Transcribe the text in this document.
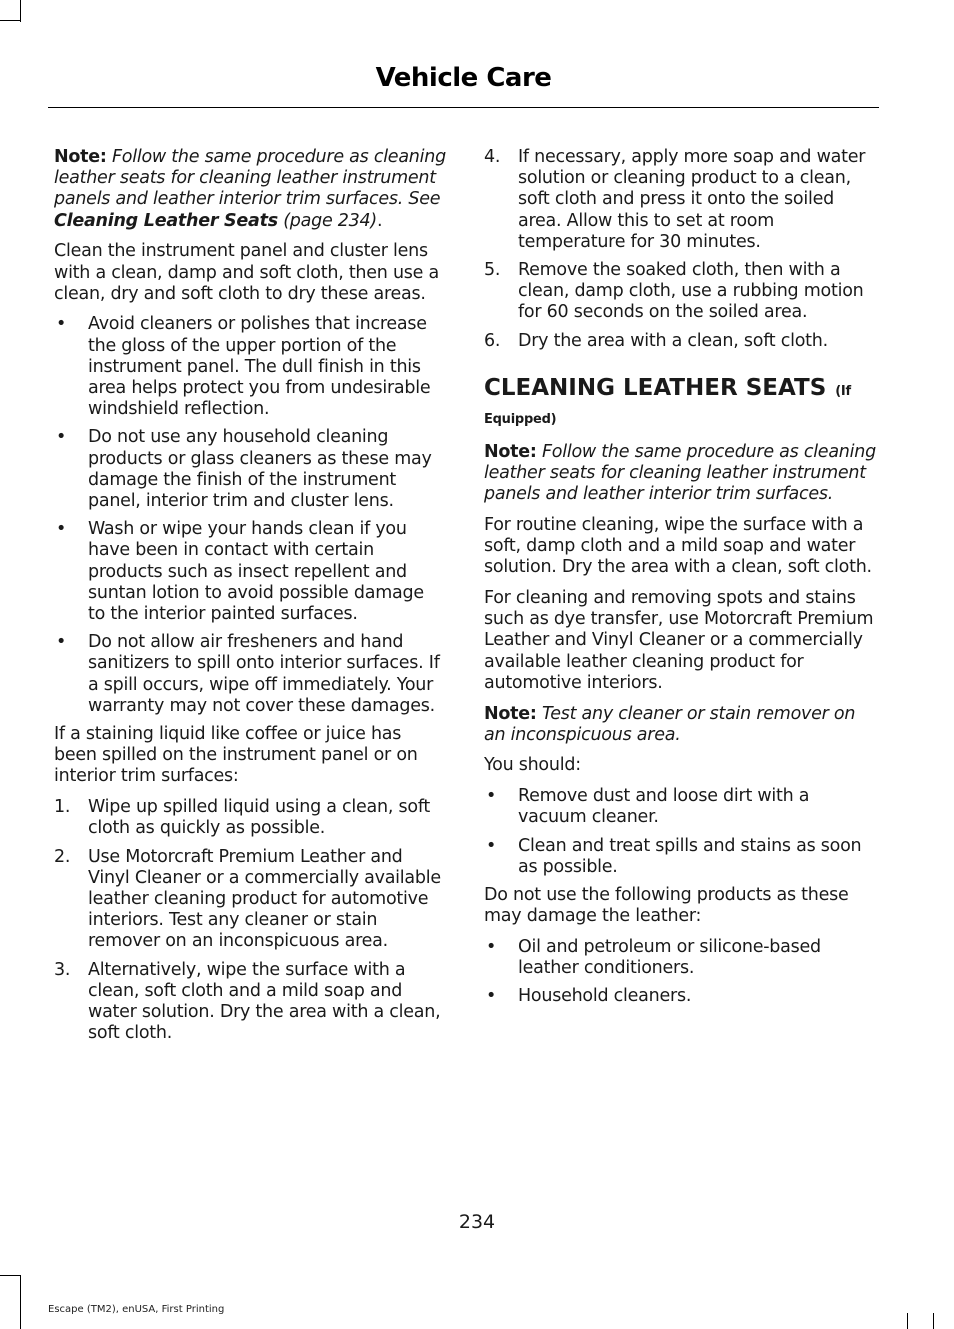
Vehicle Care

Note: Follow the same procedure as cleaning leather seats for cleaning leather instrument panels and leather interior trim surfaces. See Cleaning Leather Seats (page 234).

Clean the instrument panel and cluster lens with a clean, damp and soft cloth, then use a clean, dry and soft cloth to dry these areas.

• Avoid cleaners or polishes that increase the gloss of the upper portion of the instrument panel. The dull finish in this area helps protect you from undesirable windshield reflection.
• Do not use any household cleaning products or glass cleaners as these may damage the finish of the instrument panel, interior trim and cluster lens.
• Wash or wipe your hands clean if you have been in contact with certain products such as insect repellent and suntan lotion to avoid possible damage to the interior painted surfaces.
• Do not allow air fresheners and hand sanitizers to spill onto interior surfaces. If a spill occurs, wipe off immediately. Your warranty may not cover these damages.

If a staining liquid like coffee or juice has been spilled on the instrument panel or on interior trim surfaces:

1. Wipe up spilled liquid using a clean, soft cloth as quickly as possible.
2. Use Motorcraft Premium Leather and Vinyl Cleaner or a commercially available leather cleaning product for automotive interiors. Test any cleaner or stain remover on an inconspicuous area.
3. Alternatively, wipe the surface with a clean, soft cloth and a mild soap and water solution. Dry the area with a clean, soft cloth.
4. If necessary, apply more soap and water solution or cleaning product to a clean, soft cloth and press it onto the soiled area. Allow this to set at room temperature for 30 minutes.
5. Remove the soaked cloth, then with a clean, damp cloth, use a rubbing motion for 60 seconds on the soiled area.
6. Dry the area with a clean, soft cloth.
CLEANING LEATHER SEATS (If
Equipped)

Note: Follow the same procedure as cleaning leather seats for cleaning leather instrument panels and leather interior trim surfaces.

For routine cleaning, wipe the surface with a soft, damp cloth and a mild soap and water solution. Dry the area with a clean, soft cloth.

For cleaning and removing spots and stains such as dye transfer, use Motorcraft Premium Leather and Vinyl Cleaner or a commercially available leather cleaning product for automotive interiors.

Note: Test any cleaner or stain remover on an inconspicuous area.

You should:

• Remove dust and loose dirt with a vacuum cleaner.
• Clean and treat spills and stains as soon as possible.

Do not use the following products as these may damage the leather:

• Oil and petroleum or silicone-based leather conditioners.
• Household cleaners.
234
Escape (TM2), enUSA, First Printing
